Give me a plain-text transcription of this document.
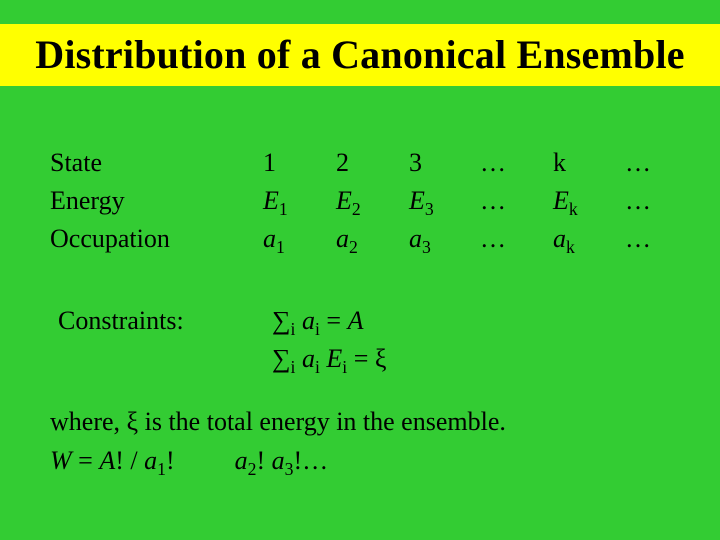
Distribution of a Canonical Ensemble
State
Energy
Occupation
1
$E_1$
$a_1$
2
$E_2$
$a_2$
3
$E_3$
$a_3$
…
…
…
k
$E_k$
$a_k$
…
…
…
Constraints:	$\sum_i$ $a_i = A$
$\sum_i$ $a_i$ $E_i = \xi$
where, ξ is the total energy in the ensemble.
W = A! / $a_1$! $a_2$! $a_3!\dots$
